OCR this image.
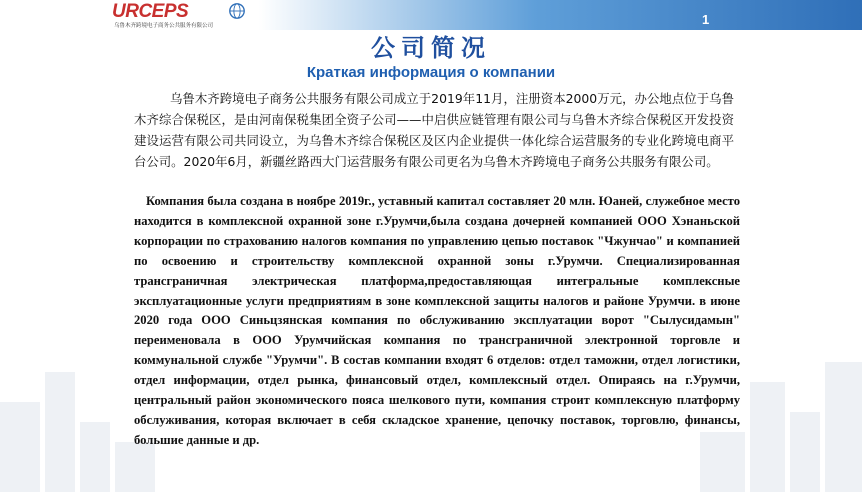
URCEPS
乌鲁木齐跨境电子商务公共服务有限公司	1
公司简况
Краткая информация о компании

乌鲁木齐跨境电子商务公共服务有限公司成立于2019年11月，注册资本2000万元，办公地点位于乌鲁木齐综合保税区，是由河南保税集团全资子公司——中启供应链管理有限公司与乌鲁木齐综合保税区开发投资建设运营有限公司共同设立，为乌鲁木齐综合保税区及区内企业提供一体化综合运营服务的专业化跨境电商平台公司。2020年6月，新疆丝路西大门运营服务有限公司更名为乌鲁木齐跨境电子商务公共服务有限公司。

Компания была создана в ноябре 2019г., уставный капитал составляет 20 млн. Юаней, служебное место находится в комплексной охранной зоне г.Урумчи,была создана дочерней компанией ООО Хэнаньской корпорации по страхованию налогов компания по управлению цепью поставок "Чжунчао" и компанией по освоению и строительству комплексной охранной зоны г.Урумчи. Специализированная трансграничная электрическая платформа,предоставляющая интегральные комплексные эксплуатационные услуги предприятиям в зоне комплексной защиты налогов и районе Урумчи. в июне 2020 года ООО Синьцзянская компания по обслуживанию эксплуатации ворот "Сылусидамын" переименовала в ООО Урумчийская компания по трансграничной электронной торговле и коммунальной службе "Урумчи". В состав компании входят 6 отделов: отдел таможни, отдел логистики, отдел информации, отдел рынка, финансовый отдел, комплексный отдел. Опираясь на г.Урумчи, центральный район экономического пояса шелкового пути, компания строит комплексную платформу обслуживания, которая включает в себя складское хранение, цепочку поставок, торговлю, финансы, большие данные и др.
